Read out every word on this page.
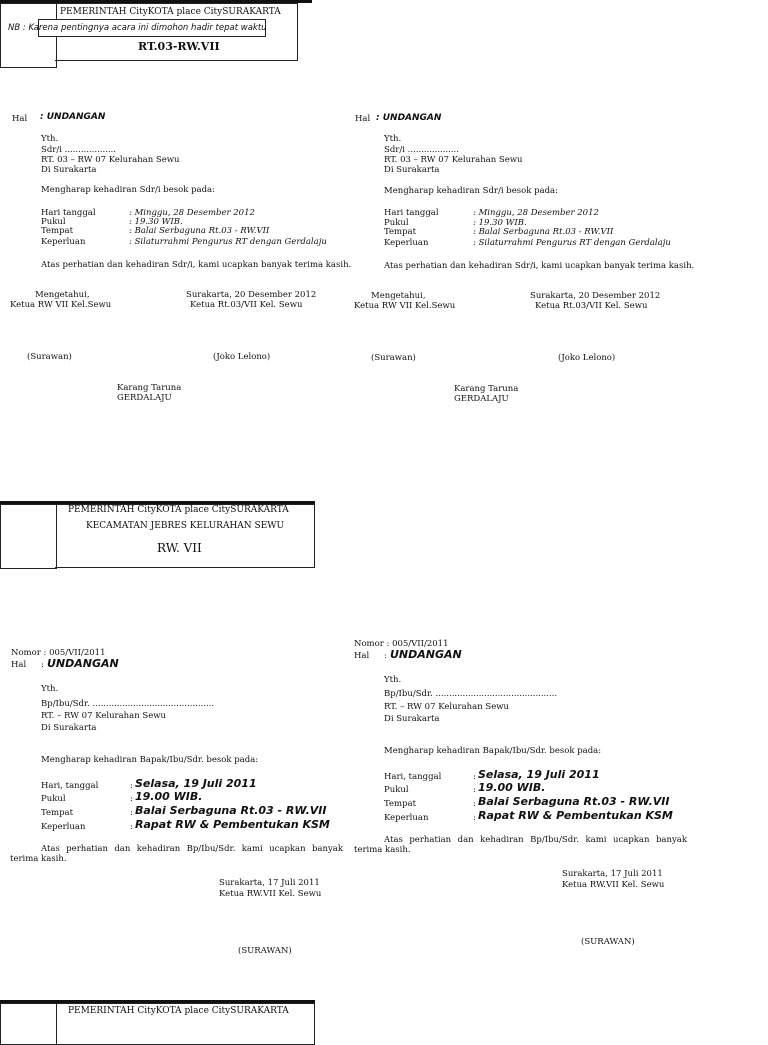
PEMERINTAH CityKOTA place CitySURAKARTA
NB : Karena pentingnya acara ini dimohon hadir tepat waktu
RT.03-RW.VII
Hal : UNDANGAN
Yth.
Sdr/i ...................
RT. 03 – RW 07 Kelurahan Sewu
Di Surakarta
Mengharap kehadiran Sdr/i besok pada:
Hari tanggal	: Minggu, 28 Desember 2012
Pukul	: 19.30 WIB.
Tempat	: Balai Serbaguna Rt.03 - RW.VII
Keperluan	: Silaturrahmi Pengurus RT dengan Gerdalaju
Atas perhatian dan kehadiran Sdr/i, kami ucapkan banyak terima kasih.
Mengetahui,
Ketua RW VII Kel.Sewu
Surakarta, 20 Desember 2012
Ketua Rt.03/VII Kel. Sewu
(Surawan)	(Joko Lelono)
Karang Taruna
GERDALAJU
Hal : UNDANGAN
Yth.
Sdr/i ...................
RT. 03 – RW 07 Kelurahan Sewu
Di Surakarta
Mengharap kehadiran Sdr/i besok pada:
Hari tanggal	: Minggu, 28 Desember 2012
Pukul	: 19.30 WIB.
Tempat	: Balai Serbaguna Rt.03 - RW.VII
Keperluan	: Silaturrahmi Pengurus RT dengan Gerdalaju
Atas perhatian dan kehadiran Sdr/i, kami ucapkan banyak terima kasih.
Mengetahui,
Ketua RW VII Kel.Sewu
Surakarta, 20 Desember 2012
Ketua Rt.03/VII Kel. Sewu
(Surawan)	(Joko Lelono)
Karang Taruna
GERDALAJU
PEMERINTAH CityKOTA place CitySURAKARTA
KECAMATAN JEBRES KELURAHAN SEWU
RW. VII
Nomor : 005/VII/2011
Hal : UNDANGAN
Yth.
Bp/Ibu/Sdr. .............................................
RT. – RW 07 Kelurahan Sewu
Di Surakarta
Mengharap kehadiran Bapak/Ibu/Sdr. besok pada:
Hari, tanggal	: Selasa, 19 Juli 2011
Pukul	: 19.00 WIB.
Tempat	: Balai Serbaguna Rt.03 - RW.VII
Keperluan	: Rapat RW & Pembentukan KSM
Atas perhatian dan kehadiran Bp/Ibu/Sdr. kami ucapkan banyak terima kasih.
Surakarta, 17 Juli 2011
Ketua RW.VII Kel. Sewu
(SURAWAN)
Nomor : 005/VII/2011
Hal : UNDANGAN
Yth.
Bp/Ibu/Sdr. .............................................
RT. – RW 07 Kelurahan Sewu
Di Surakarta
Mengharap kehadiran Bapak/Ibu/Sdr. besok pada:
Hari, tanggal	: Selasa, 19 Juli 2011
Pukul	: 19.00 WIB.
Tempat	: Balai Serbaguna Rt.03 - RW.VII
Keperluan	: Rapat RW & Pembentukan KSM
Atas perhatian dan kehadiran Bp/Ibu/Sdr. kami ucapkan banyak terima kasih.
Surakarta, 17 Juli 2011
Ketua RW.VII Kel. Sewu
(SURAWAN)
PEMERINTAH CityKOTA place CitySURAKARTA
